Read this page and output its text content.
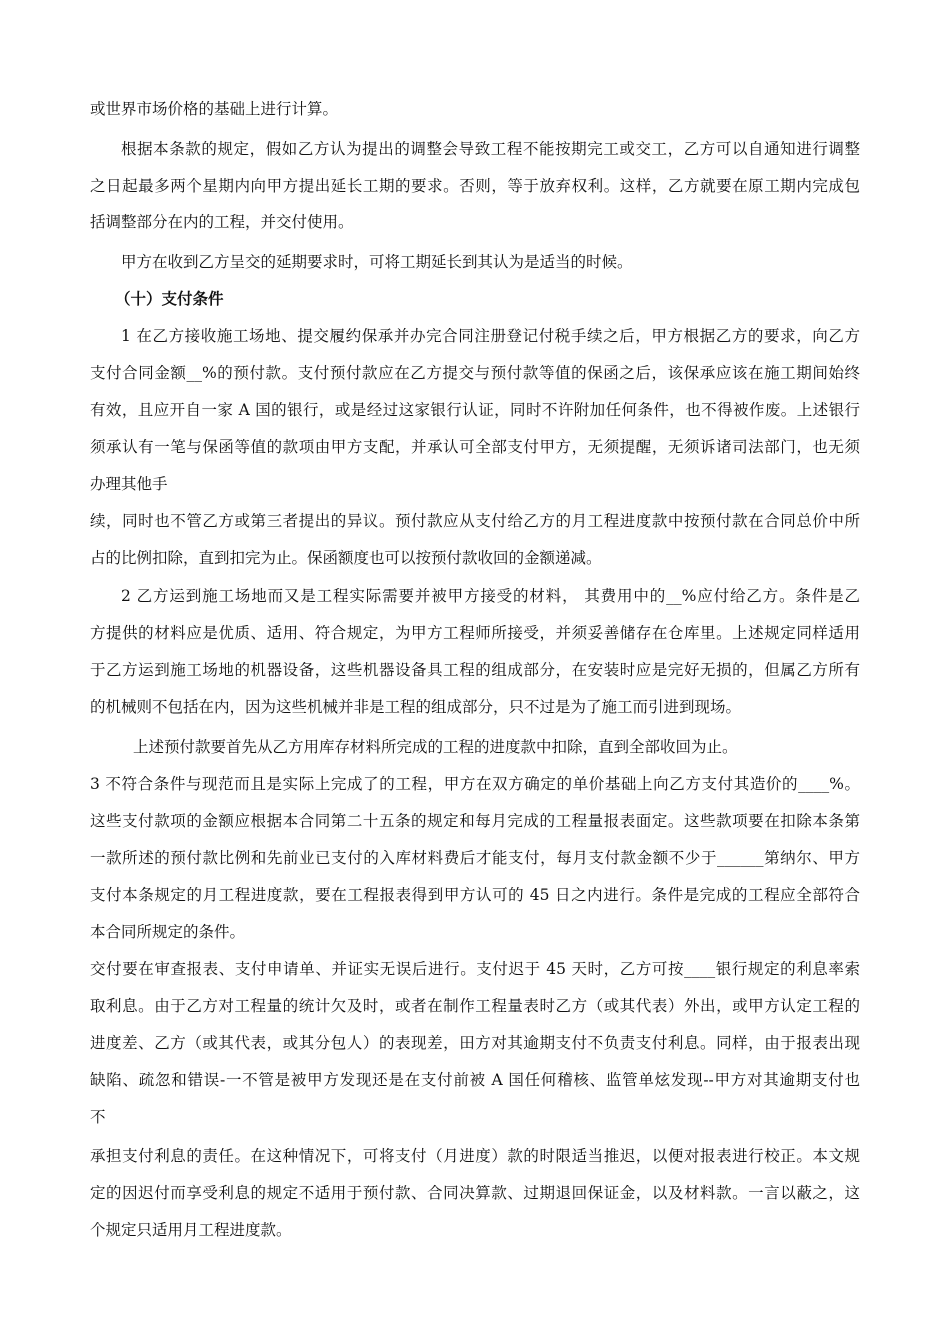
或世界市场价格的基础上进行计算。
根据本条款的规定，假如乙方认为提出的调整会导致工程不能按期完工或交工，乙方可以自通知进行调整
之日起最多两个星期内向甲方提出延长工期的要求。否则，等于放弃权利。这样，乙方就要在原工期内完成包
括调整部分在内的工程，并交付使用。
甲方在收到乙方呈交的延期要求时，可将工期延长到其认为是适当的时候。
（十）支付条件
1 在乙方接收施工场地、提交履约保承并办完合同注册登记付税手续之后，甲方根据乙方的要求，向乙方
支付合同金额__%的预付款。支付预付款应在乙方提交与预付款等值的保函之后，该保承应该在施工期间始终
有效，且应开自一家 A 国的银行，或是经过这家银行认证，同时不许附加任何条件，也不得被作废。上述银行
须承认有一笔与保函等值的款项由甲方支配，并承认可全部支付甲方，无须提醒，无须诉诸司法部门，也无须
办理其他手
续，同时也不管乙方或第三者提出的异议。预付款应从支付给乙方的月工程进度款中按预付款在合同总价中所
占的比例扣除，直到扣完为止。保函额度也可以按预付款收回的金额递减。
2 乙方运到施工场地而又是工程实际需要并被甲方接受的材料， 其费用中的__%应付给乙方。条件是乙
方提供的材料应是优质、适用、符合规定，为甲方工程师所接受，并须妥善储存在仓库里。上述规定同样适用
于乙方运到施工场地的机器设备，这些机器设备具工程的组成部分，在安装时应是完好无损的，但属乙方所有
的机械则不包括在内，因为这些机械并非是工程的组成部分，只不过是为了施工而引进到现场。
上述预付款要首先从乙方用库存材料所完成的工程的进度款中扣除，直到全部收回为止。
3 不符合条件与现范而且是实际上完成了的工程，甲方在双方确定的单价基础上向乙方支付其造价的____%。
这些支付款项的金额应根据本合同第二十五条的规定和每月完成的工程量报表面定。这些款项要在扣除本条第
一款所述的预付款比例和先前业已支付的入库材料费后才能支付，每月支付款金额不少于______第纳尔、甲方
支付本条规定的月工程进度款，要在工程报表得到甲方认可的 45 日之内进行。条件是完成的工程应全部符合
本合同所规定的条件。
交付要在审查报表、支付申请单、并证实无误后进行。支付迟于 45 天时，乙方可按____银行规定的利息率索
取利息。由于乙方对工程量的统计欠及时，或者在制作工程量表时乙方（或其代表）外出，或甲方认定工程的
进度差、乙方（或其代表，或其分包人）的表现差，田方对其逾期支付不负责支付利息。同样，由于报表出现
缺陷、疏忽和错误-一不管是被甲方发现还是在支付前被 A 国任何稽核、监管单炫发现--甲方对其逾期支付也
不
承担支付利息的责任。在这种情况下，可将支付（月进度）款的时限适当推迟，以便对报表进行校正。本文规
定的因迟付而享受利息的规定不适用于预付款、合同决算款、过期退回保证金，以及材料款。一言以蔽之，这
个规定只适用月工程进度款。
